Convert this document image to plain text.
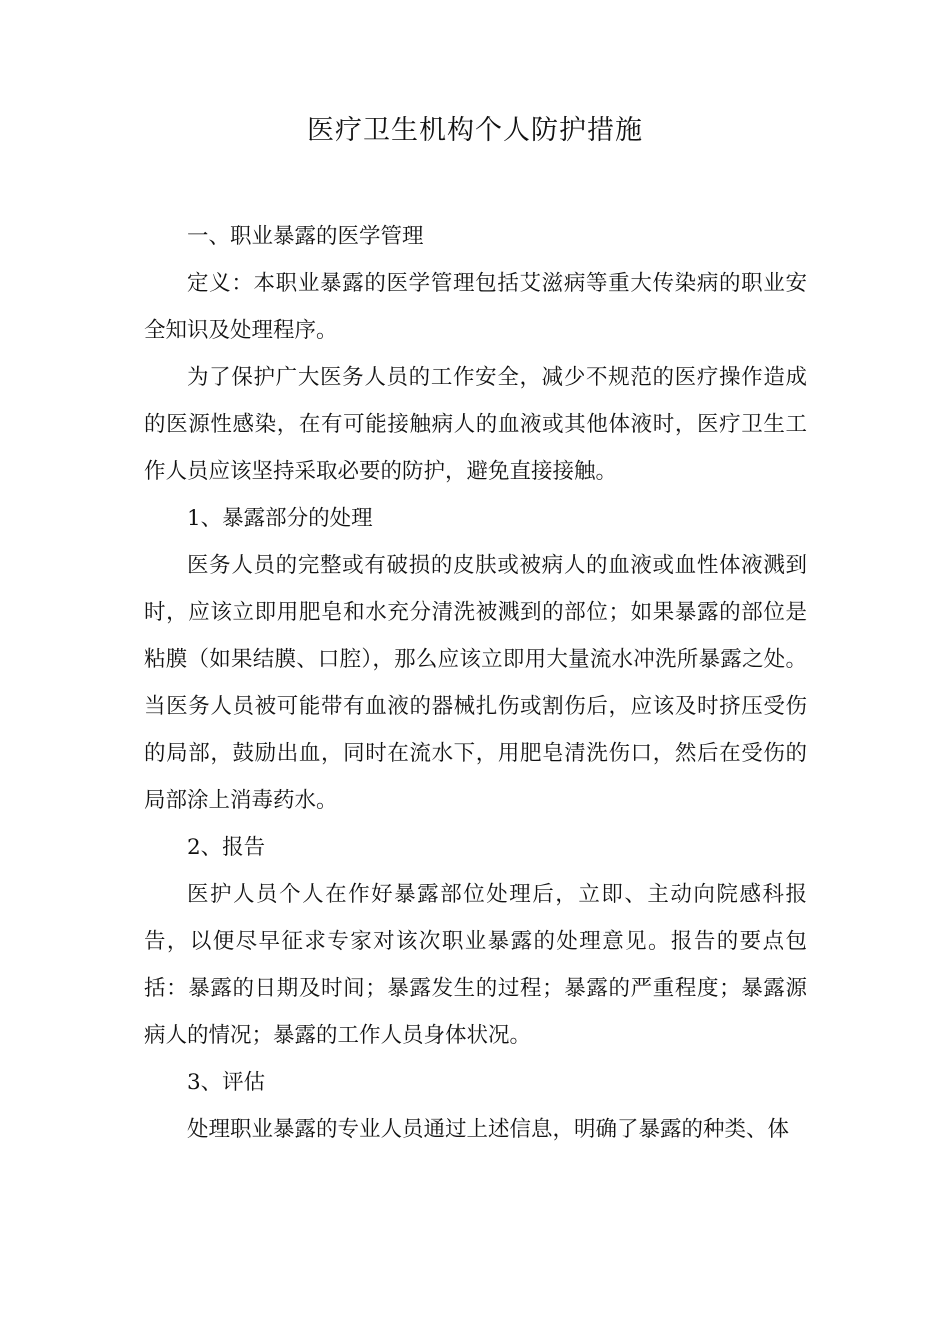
医疗卫生机构个人防护措施

一、职业暴露的医学管理

定义：本职业暴露的医学管理包括艾滋病等重大传染病的职业安全知识及处理程序。

为了保护广大医务人员的工作安全，减少不规范的医疗操作造成的医源性感染，在有可能接触病人的血液或其他体液时，医疗卫生工作人员应该坚持采取必要的防护，避免直接接触。

1、暴露部分的处理

医务人员的完整或有破损的皮肤或被病人的血液或血性体液溅到时，应该立即用肥皂和水充分清洗被溅到的部位；如果暴露的部位是粘膜（如果结膜、口腔），那么应该立即用大量流水冲洗所暴露之处。当医务人员被可能带有血液的器械扎伤或割伤后，应该及时挤压受伤的局部，鼓励出血，同时在流水下，用肥皂清洗伤口，然后在受伤的局部涂上消毒药水。

2、报告

医护人员个人在作好暴露部位处理后，立即、主动向院感科报告，以便尽早征求专家对该次职业暴露的处理意见。报告的要点包括：暴露的日期及时间；暴露发生的过程；暴露的严重程度；暴露源病人的情况；暴露的工作人员身体状况。

3、评估

处理职业暴露的专业人员通过上述信息，明确了暴露的种类、体
